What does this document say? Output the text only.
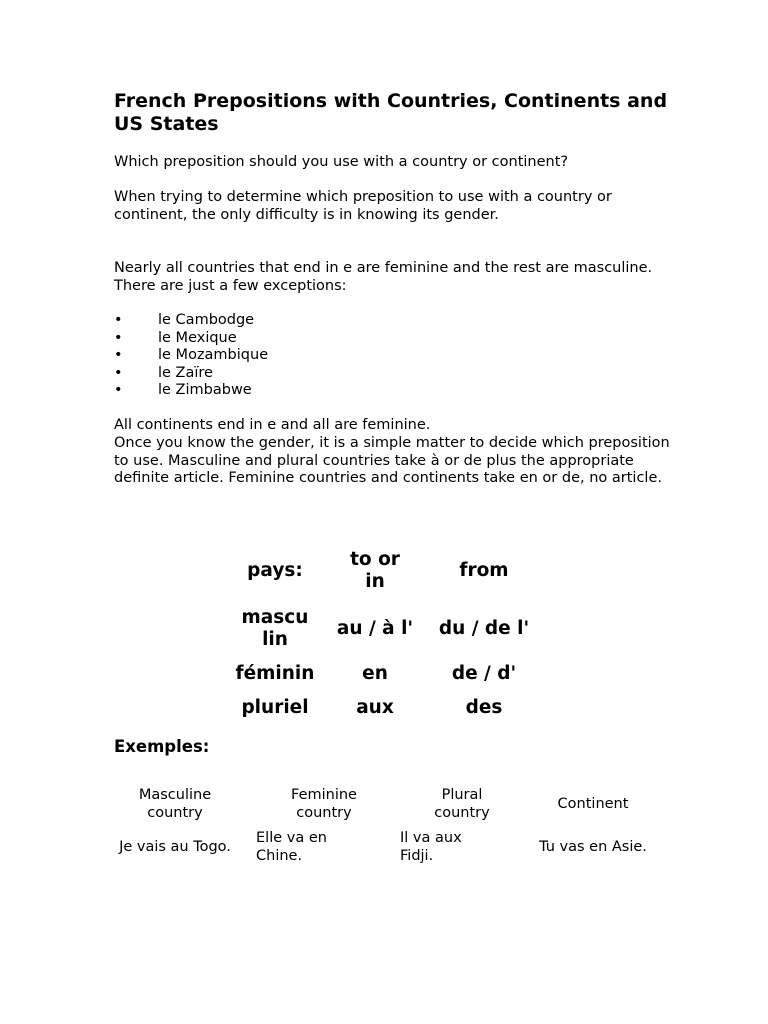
French Prepositions with Countries, Continents and US States

Which preposition should you use with a country or continent?

When trying to determine which preposition to use with a country or continent, the only difficulty is in knowing its gender.

Nearly all countries that end in e are feminine and the rest are masculine. There are just a few exceptions:

• le Cambodge
• le Mexique
• le Mozambique
• le Zaïre
• le Zimbabwe

All continents end in e and all are feminine.

Once you know the gender, it is a simple matter to decide which preposition to use. Masculine and plural countries take à or de plus the appropriate definite article. Feminine countries and continents take en or de, no article.

pays:	to or in	from
masculin	au / à l'	du / de l'
féminin	en	de / d'
pluriel	aux	des
Exemples:
Masculine country	Feminine country	Plural country	Continent
Je vais au Togo.	Elle va en Chine.	Il va aux Fidji.	Tu vas en Asie.
